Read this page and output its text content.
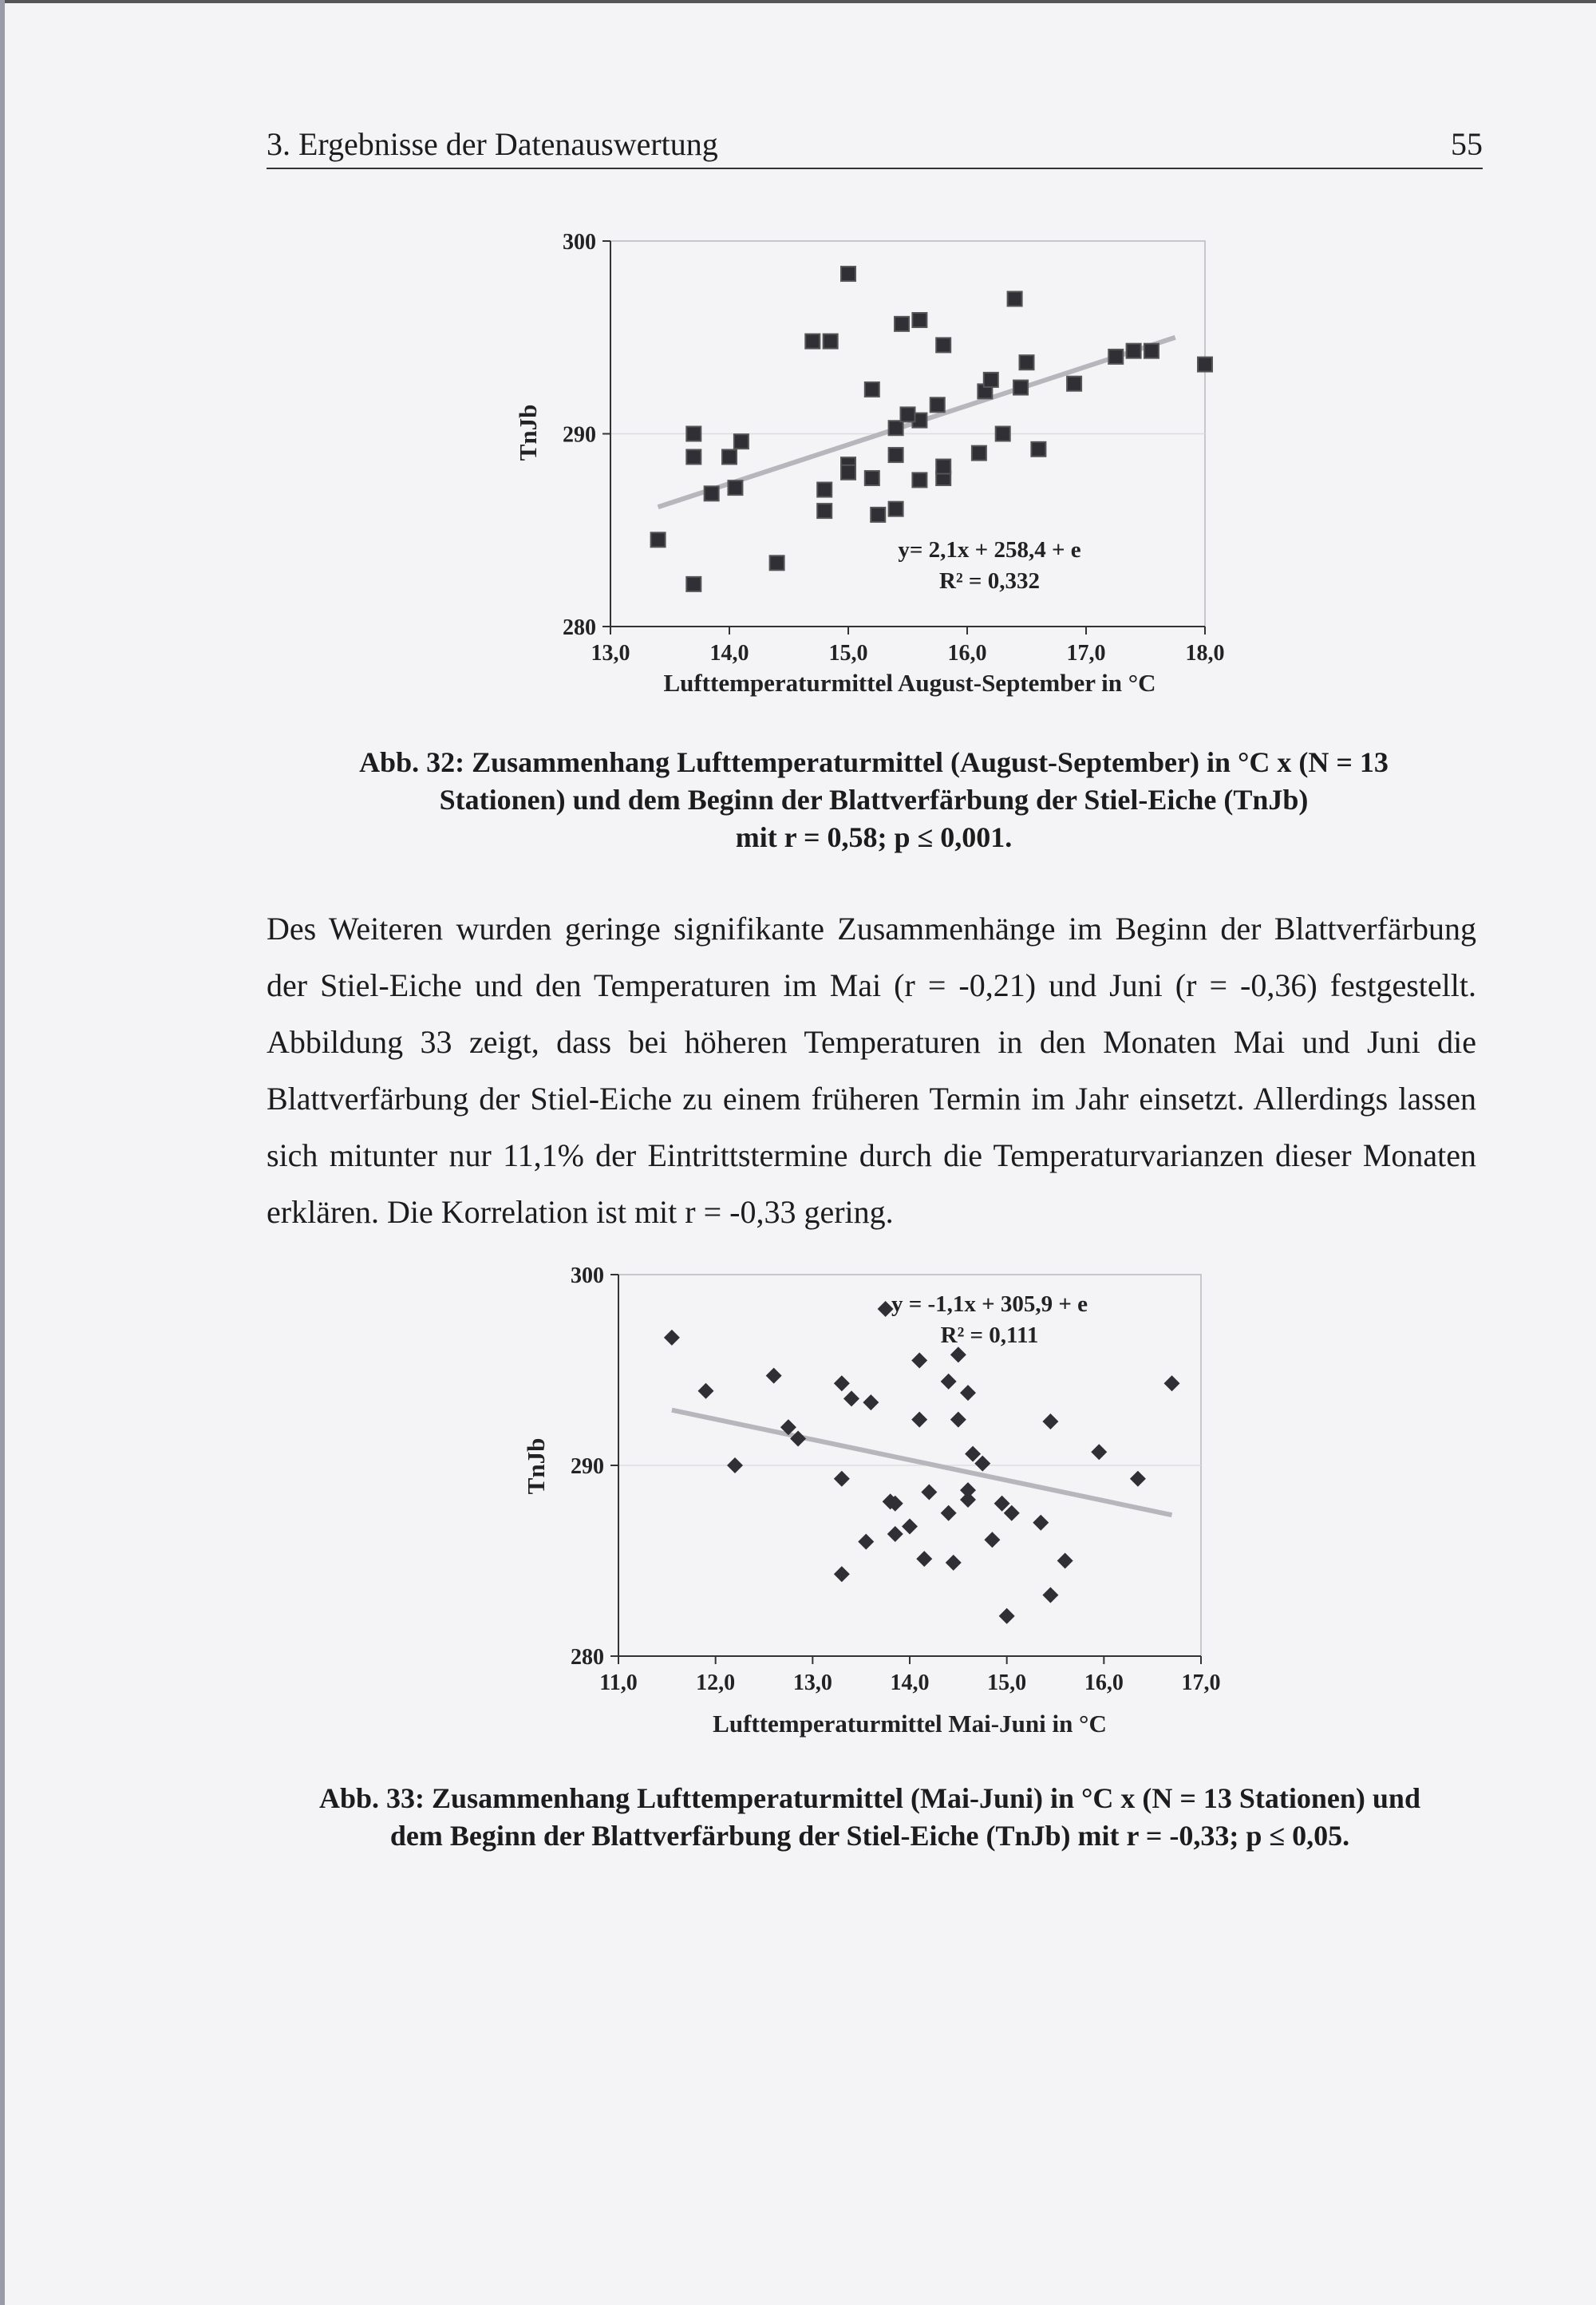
3. Ergebnisse der Datenauswertung	55
280
290
300
13,0	14,0	15,0	16,0	17,0	18,0
y= 2,1x + 258,4 + e
R² = 0,332
TnJb
Lufttemperaturmittel August-September in °C
Abb. 32: Zusammenhang Lufttemperaturmittel (August-September) in °C x (N = 13
Stationen) und dem Beginn der Blattverfärbung der Stiel-Eiche (TnJb)
mit r = 0,58; p ≤ 0,001.

Des Weiteren wurden geringe signifikante Zusammenhänge im Beginn der Blattverfärbung der Stiel-Eiche und den Temperaturen im Mai (r = -0,21) und Juni (r = -0,36) festgestellt. Abbildung 33 zeigt, dass bei höheren Temperaturen in den Monaten Mai und Juni die Blattverfärbung der Stiel-Eiche zu einem früheren Termin im Jahr einsetzt. Allerdings lassen sich mitunter nur 11,1% der Eintrittstermine durch die Temperaturvarianzen dieser Monaten erklären. Die Korrelation ist mit r = -0,33 gering.

280
290
300
11,0	12,0	13,0	14,0	15,0	16,0	17,0
y = -1,1x + 305,9 + e
R² = 0,111
TnJb
Lufttemperaturmittel Mai-Juni in °C
Abb. 33: Zusammenhang Lufttemperaturmittel (Mai-Juni) in °C x (N = 13 Stationen) und
dem Beginn der Blattverfärbung der Stiel-Eiche (TnJb) mit r = -0,33; p ≤ 0,05.
